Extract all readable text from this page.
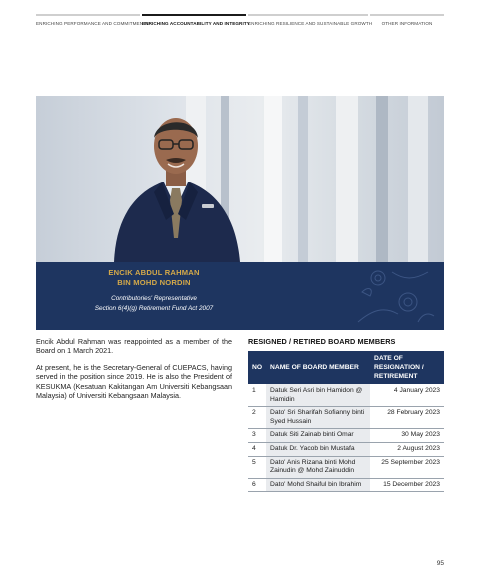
ENRICHING PERFORMANCE AND COMMITMENTS
ENRICHING ACCOUNTABILITY AND INTEGRITY
ENRICHING RESILIENCE AND SUSTAINABLE GROWTH	OTHER INFORMATION
ENCIK ABDUL RAHMAN
BIN MOHD NORDIN
Contributories' Representative
Section 6(4)(g) Retirement Fund Act 2007

Encik Abdul Rahman was reappointed as a member of the Board on 1 March 2021.

At present, he is the Secretary-General of CUEPACS, having served in the position since 2019. He is also the President of KESUKMA (Kesatuan Kakitangan Am Universiti Kebangsaan Malaysia) of Universiti Kebangsaan Malaysia.

RESIGNED / RETIRED BOARD MEMBERS
NO	NAME OF BOARD MEMBER	DATE OF RESIGNATION / RETIREMENT
1	Datuk Seri Asri bin Hamidon @ Hamidin	4 January 2023
2	Dato' Sri Sharifah Sofianny binti Syed Hussain	28 February 2023
3	Datuk Siti Zainab binti Omar	30 May 2023
4	Datuk Dr. Yacob bin Mustafa	2 August 2023
5	Dato' Anis Rizana binti Mohd Zainudin @ Mohd Zainuddin	25 September 2023
6	Dato' Mohd Shaiful bin Ibrahim	15 December 2023
95
